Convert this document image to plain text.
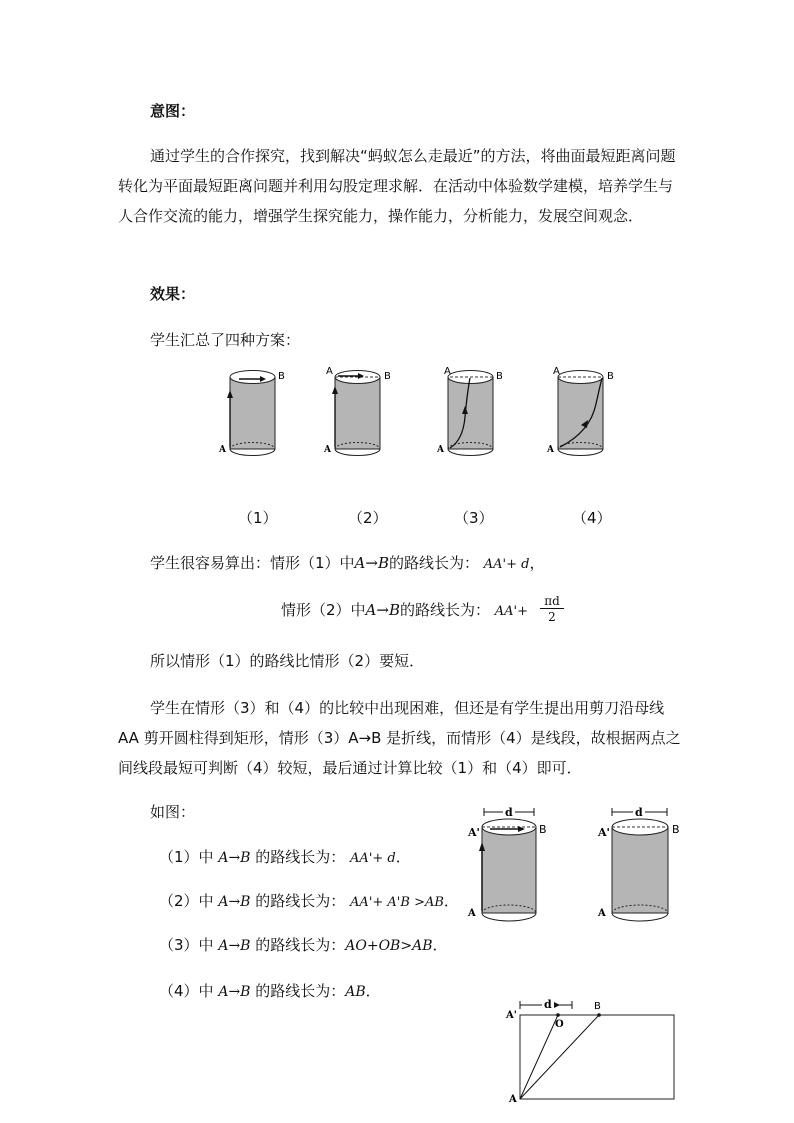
意图：

通过学生的合作探究，找到解决“蚂蚁怎么走最近”的方法，将曲面最短距离问题转化为平面最短距离问题并利用勾股定理求解．在活动中体验数学建模，培养学生与人合作交流的能力，增强学生探究能力，操作能力，分析能力，发展空间观念．

效果：

学生汇总了四种方案：

B
A
A	B
A
A	B
A
A	B
A
（1）	（2）	（3）	（4）

学生很容易算出：情形（1）中A→B的路线长为： AA'+ d，

情形（2）中A→B的路线长为： $AA'+ \frac{\pi d}{2}$

所以情形（1）的路线比情形（2）要短．

学生在情形（3）和（4）的比较中出现困难，但还是有学生提出用剪刀沿母线 AA 剪开圆柱得到矩形，情形（3）A→B 是折线，而情形（4）是线段，故根据两点之间线段最短可判断（4）较短，最后通过计算比较（1）和（4）即可．

如图：

（1）中 A→B 的路线长为： AA'+ d．

（2）中 A→B 的路线长为： AA'+ A'B >AB．

（3）中 A→B 的路线长为：AO+OB>AB．

（4）中 A→B 的路线长为：AB．

d
A'	B
A
d
A'	B
A
d	B
O
A'
A
